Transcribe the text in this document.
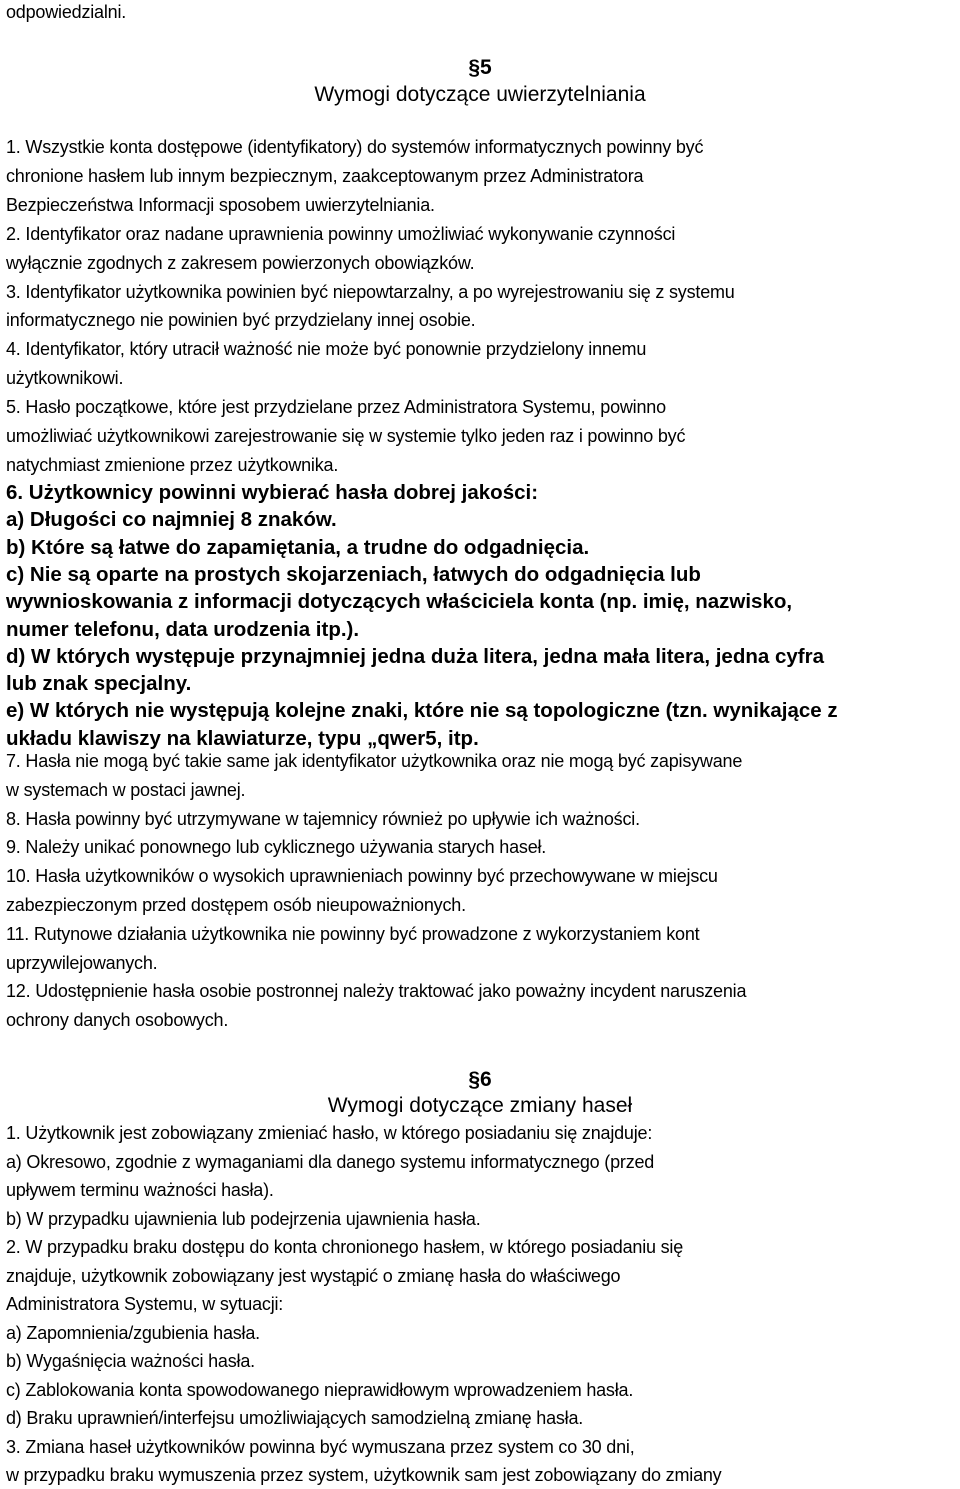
odpowiedzialni.

§5

Wymogi dotyczące uwierzytelniania

1. Wszystkie konta dostępowe (identyfikatory) do systemów informatycznych powinny być

chronione hasłem lub innym bezpiecznym, zaakceptowanym przez Administratora

Bezpieczeństwa Informacji sposobem uwierzytelniania.

2. Identyfikator oraz nadane uprawnienia powinny umożliwiać wykonywanie czynności

wyłącznie zgodnych z zakresem powierzonych obowiązków.

3. Identyfikator użytkownika powinien być niepowtarzalny, a po wyrejestrowaniu się z systemu

informatycznego nie powinien być przydzielany innej osobie.

4. Identyfikator, który utracił ważność nie może być ponownie przydzielony innemu

użytkownikowi.

5. Hasło początkowe, które jest przydzielane przez Administratora Systemu, powinno

umożliwiać użytkownikowi zarejestrowanie się w systemie tylko jeden raz i powinno być

natychmiast zmienione przez użytkownika.

6. Użytkownicy powinni wybierać hasła dobrej jakości:

a) Długości co najmniej 8 znaków.

b) Które są łatwe do zapamiętania, a trudne do odgadnięcia.

c) Nie są oparte na prostych skojarzeniach, łatwych do odgadnięcia lub

wywnioskowania z informacji dotyczących właściciela konta (np. imię, nazwisko,

numer telefonu, data urodzenia itp.).

d) W których występuje przynajmniej jedna duża litera, jedna mała litera, jedna cyfra

lub znak specjalny.

e) W których nie występują kolejne znaki, które nie są topologiczne (tzn. wynikające z

układu klawiszy na klawiaturze, typu „qwer5, itp.

7. Hasła nie mogą być takie same jak identyfikator użytkownika oraz nie mogą być zapisywane

w systemach w postaci jawnej.

8. Hasła powinny być utrzymywane w tajemnicy również po upływie ich ważności.

9. Należy unikać ponownego lub cyklicznego używania starych haseł.

10. Hasła użytkowników o wysokich uprawnieniach powinny być przechowywane w miejscu

zabezpieczonym przed dostępem osób nieupoważnionych.

11. Rutynowe działania użytkownika nie powinny być prowadzone z wykorzystaniem kont

uprzywilejowanych.

12. Udostępnienie hasła osobie postronnej należy traktować jako poważny incydent naruszenia

ochrony danych osobowych.

§6

Wymogi dotyczące zmiany haseł

1. Użytkownik jest zobowiązany zmieniać hasło, w którego posiadaniu się znajduje:

a) Okresowo, zgodnie z wymaganiami dla danego systemu informatycznego (przed

upływem terminu ważności hasła).

b) W przypadku ujawnienia lub podejrzenia ujawnienia hasła.

2. W przypadku braku dostępu do konta chronionego hasłem, w którego posiadaniu się

znajduje, użytkownik zobowiązany jest wystąpić o zmianę hasła do właściwego

Administratora Systemu, w sytuacji:

a) Zapomnienia/zgubienia hasła.

b) Wygaśnięcia ważności hasła.

c) Zablokowania konta spowodowanego nieprawidłowym wprowadzeniem hasła.

d) Braku uprawnień/interfejsu umożliwiających samodzielną zmianę hasła.

3. Zmiana haseł użytkowników powinna być wymuszana przez system co 30 dni,

w przypadku braku wymuszenia przez system, użytkownik sam jest zobowiązany do zmiany
